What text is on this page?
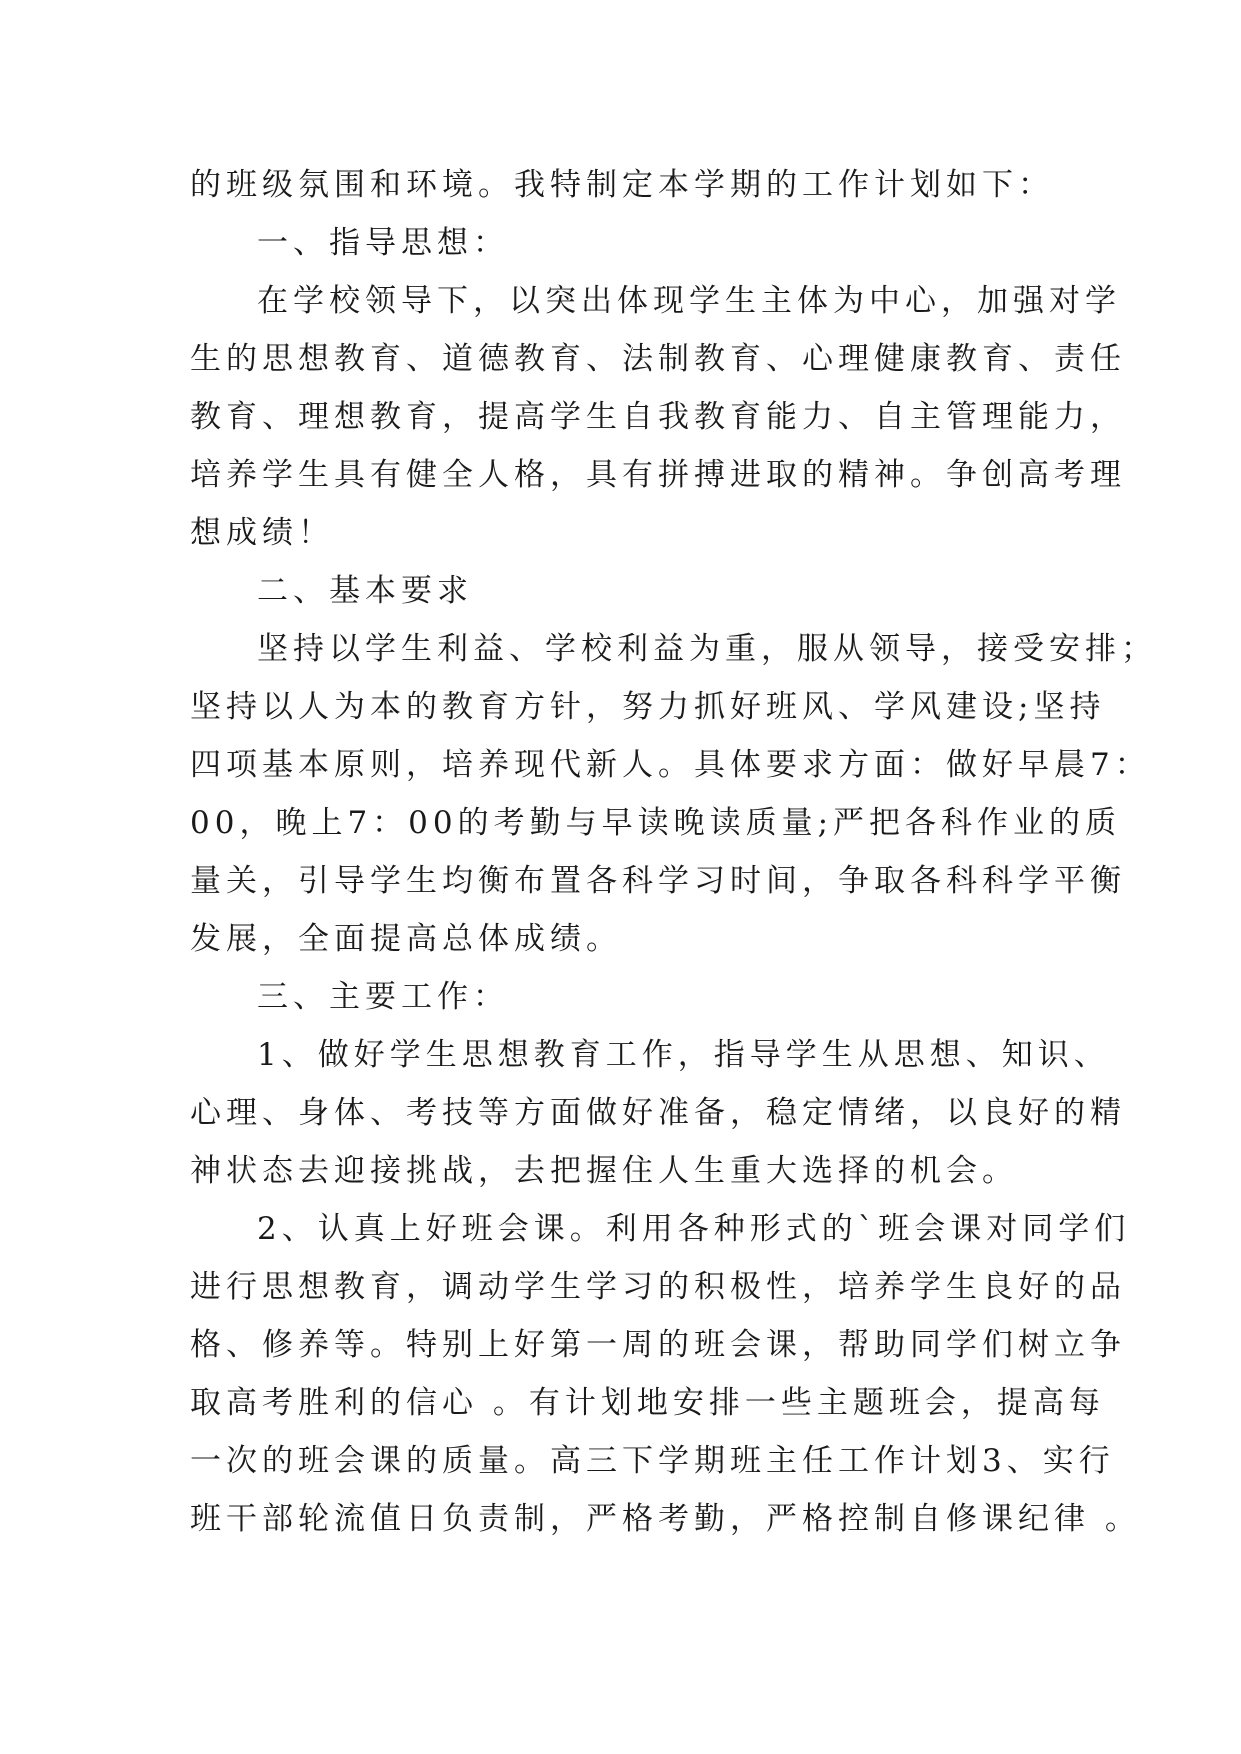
的班级氛围和环境。我特制定本学期的工作计划如下：
一、指导思想：
在学校领导下，以突出体现学生主体为中心，加强对学
生的思想教育、道德教育、法制教育、心理健康教育、责任
教育、理想教育，提高学生自我教育能力、自主管理能力，
培养学生具有健全人格，具有拼搏进取的精神。争创高考理
想成绩！
二、基本要求
坚持以学生利益、学校利益为重，服从领导，接受安排；
坚持以人为本的教育方针，努力抓好班风、学风建设;坚持
四项基本原则，培养现代新人。具体要求方面：做好早晨7：
00，晚上7：00的考勤与早读晚读质量;严把各科作业的质
量关，引导学生均衡布置各科学习时间，争取各科科学平衡
发展，全面提高总体成绩。
三、主要工作：
1、做好学生思想教育工作，指导学生从思想、知识、
心理、身体、考技等方面做好准备，稳定情绪，以良好的精
神状态去迎接挑战，去把握住人生重大选择的机会。
2、认真上好班会课。利用各种形式的`班会课对同学们
进行思想教育，调动学生学习的积极性，培养学生良好的品
格、修养等。特别上好第一周的班会课，帮助同学们树立争
取高考胜利的信心 。有计划地安排一些主题班会，提高每
一次的班会课的质量。高三下学期班主任工作计划3、实行
班干部轮流值日负责制，严格考勤，严格控制自修课纪律 。
